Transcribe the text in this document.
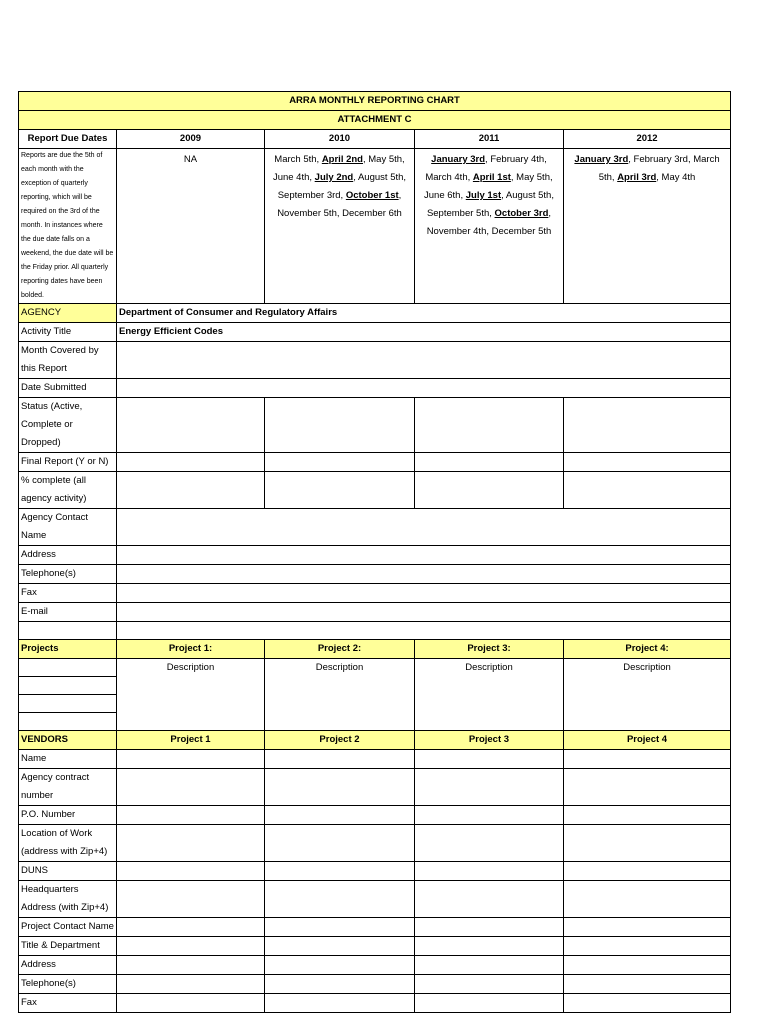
ARRA MONTHLY REPORTING CHART				
ATTACHMENT C				
Report Due Dates	2009	2010	2011	2012
Reports are due the 5th of each month with the exception of quarterly reporting, which will be required on the 3rd of the month. In instances where the due date falls on a weekend, the due date will be the Friday prior. All quarterly reporting dates have been bolded.	NA	March 5th, April 2nd, May 5th, June 4th, July 2nd, August 5th, September 3rd, October 1st, November 5th, December 6th	January 3rd, February 4th, March 4th, April 1st, May 5th, June 6th, July 1st, August 5th, September 5th, October 3rd, November 4th, December 5th	January 3rd, February 3rd, March 5th, April 3rd, May 4th
AGENCY	Department of Consumer and Regulatory Affairs			
Activity Title	Energy Efficient Codes			
Month Covered by this Report				
Date Submitted				
Status (Active, Complete or Dropped)				
Final Report (Y or N)				
% complete (all agency activity)				
Agency Contact Name				
Address				
Telephone(s)				
Fax				
E-mail				

Projects	Project 1:	Project 2:	Project 3:	Project 4:
	Description	Description	Description	Description

VENDORS	Project 1	Project 2	Project 3	Project 4
Name				
Agency contract number				
P.O. Number				
Location of Work (address with Zip+4)				
DUNS				
Headquarters Address (with Zip+4)				
Project Contact Name				
Title & Department				
Address				
Telephone(s)				
Fax				
